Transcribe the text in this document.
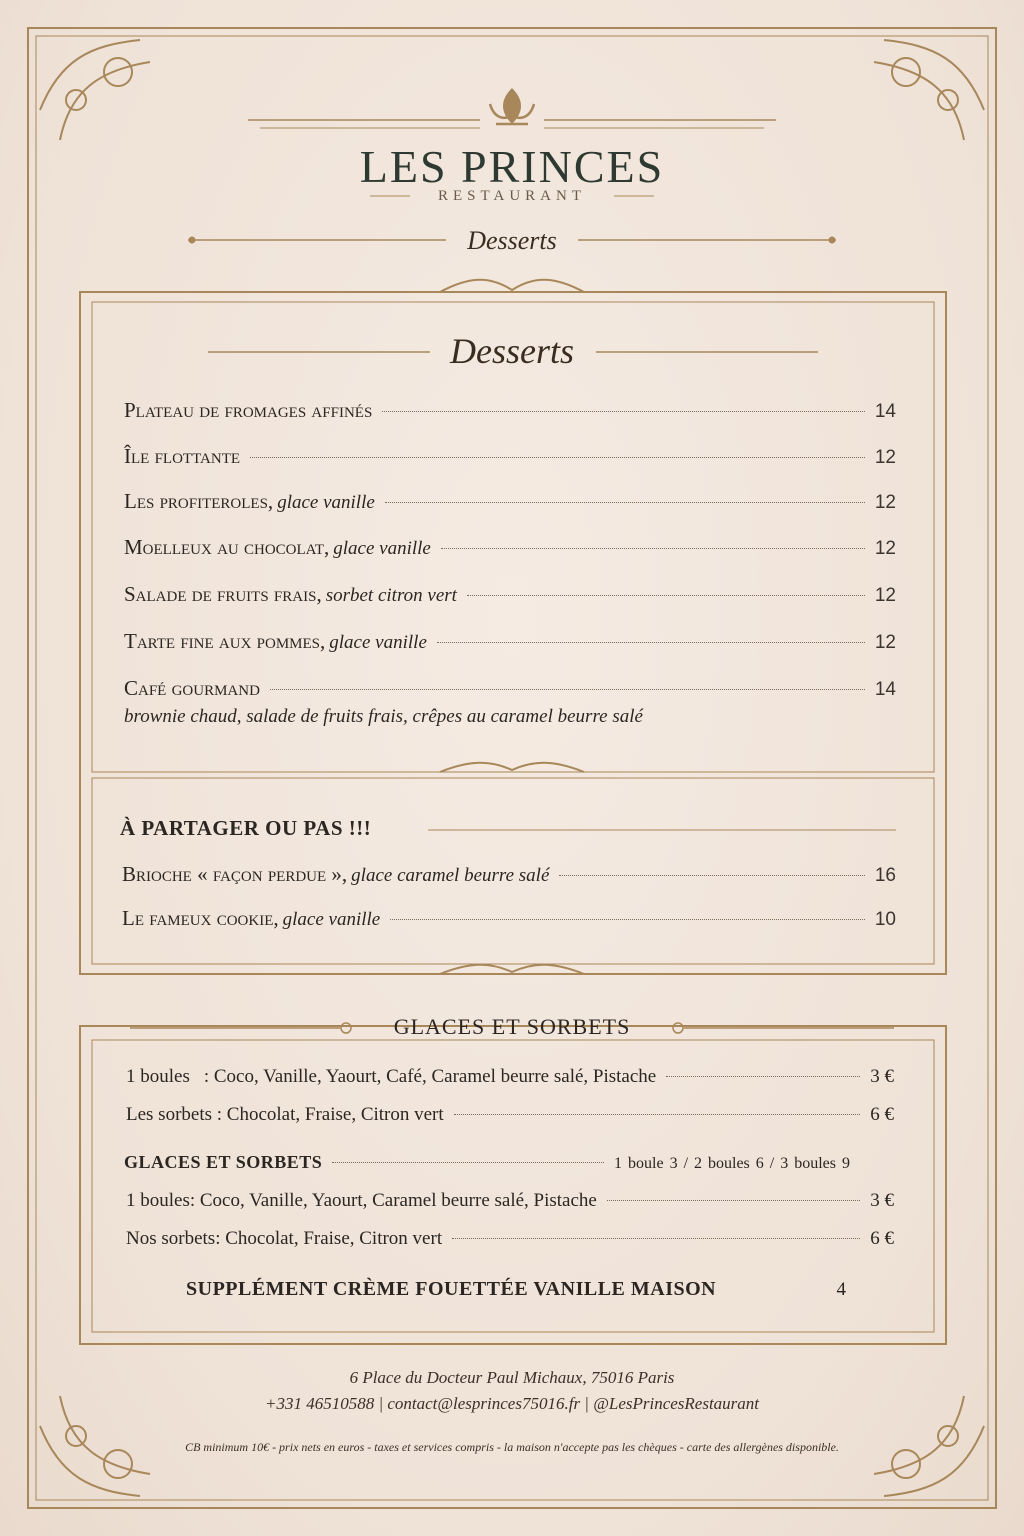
LES PRINCES
RESTAURANT
Desserts
Desserts
Plateau de fromages affinés	14
Île flottante	12
Les profiteroles, glace vanille	12
Moelleux au chocolat, glace vanille	12
Salade de fruits frais, sorbet citron vert	12
Tarte fine aux pommes, glace vanille	12
Café gourmand	14
brownie chaud, salade de fruits frais, crêpes au caramel beurre salé
À PARTAGER OU PAS !!!
Brioche « façon perdue », glace caramel beurre salé	16
Le fameux cookie, glace vanille	10
GLACES ET SORBETS
1 boules : Coco, Vanille, Yaourt, Café, Caramel beurre salé, Pistache	3 €
Les sorbets : Chocolat, Fraise, Citron vert	6 €
GLACES ET SORBETS	1 boule 3 / 2 boules 6 / 3 boules 9
1 boules: Coco, Vanille, Yaourt, Caramel beurre salé, Pistache	3 €
Nos sorbets: Chocolat, Fraise, Citron vert	6 €
SUPPLÉMENT CRÈME FOUETTÉE VANILLE MAISON	4
6 Place du Docteur Paul Michaux, 75016 Paris
+331 46510588 | contact@lesprinces75016.fr | @LesPrincesRestaurant
CB minimum 10€ - prix nets en euros - taxes et services compris - la maison n'accepte pas les chèques - carte des allergènes disponible.
